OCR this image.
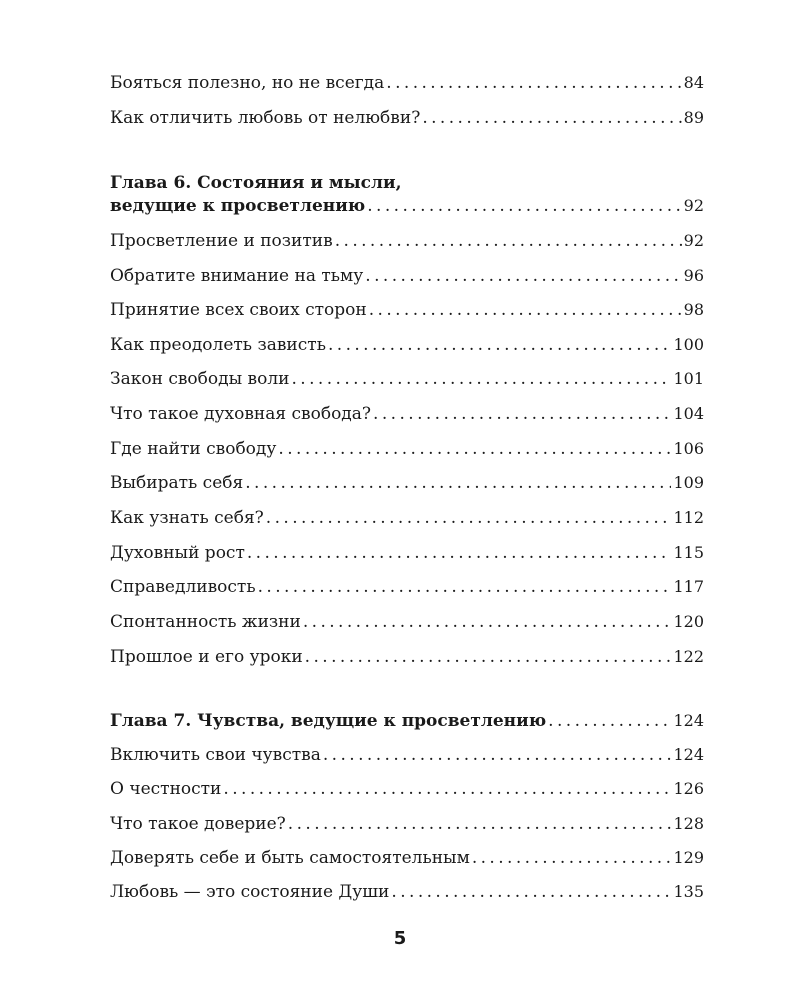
Бояться полезно, но не всегда . . .	84
Как отличить любовь от нелюбви? . . .	89
Глава 6. Состояния и мысли,
ведущие к просветлению . . .	92
Просветление и позитив . . .	92
Обратите внимание на тьму . . .	96
Принятие всех своих сторон . . .	98
Как преодолеть зависть . . .	100
Закон свободы воли . . .	101
Что такое духовная свобода? . . .	104
Где найти свободу . . .	106
Выбирать себя . . .	109
Как узнать себя? . . .	112
Духовный рост . . .	115
Справедливость . . .	117
Спонтанность жизни . . .	120
Прошлое и его уроки . . .	122
Глава 7. Чувства, ведущие к просветлению . . .	124
Включить свои чувства . . .	124
О честности . . .	126
Что такое доверие? . . .	128
Доверять себе и быть самостоятельным . . .	129
Любовь — это состояние Души . . .	135
5
